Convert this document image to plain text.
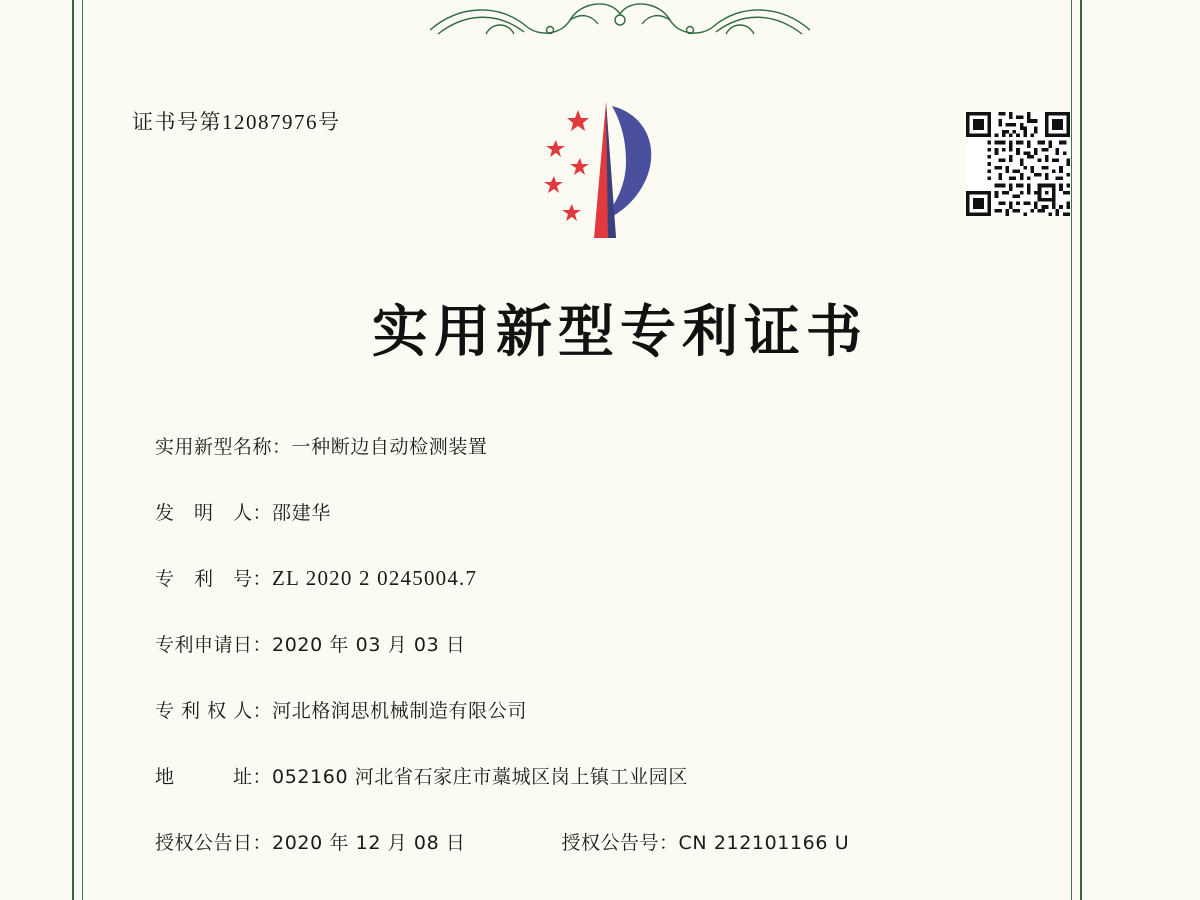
证书号第12087976号
实用新型专利证书
实用新型名称： 一种断边自动检测装置
发　明　人： 邵建华
专　利　号： ZL 2020 2 0245004.7
专利申请日： 2020 年 03 月 03 日
专 利 权 人： 河北格润思机械制造有限公司
地　　　址： 052160 河北省石家庄市藁城区岗上镇工业园区
授权公告日： 2020 年 12 月 08 日	授权公告号： CN 212101166 U
